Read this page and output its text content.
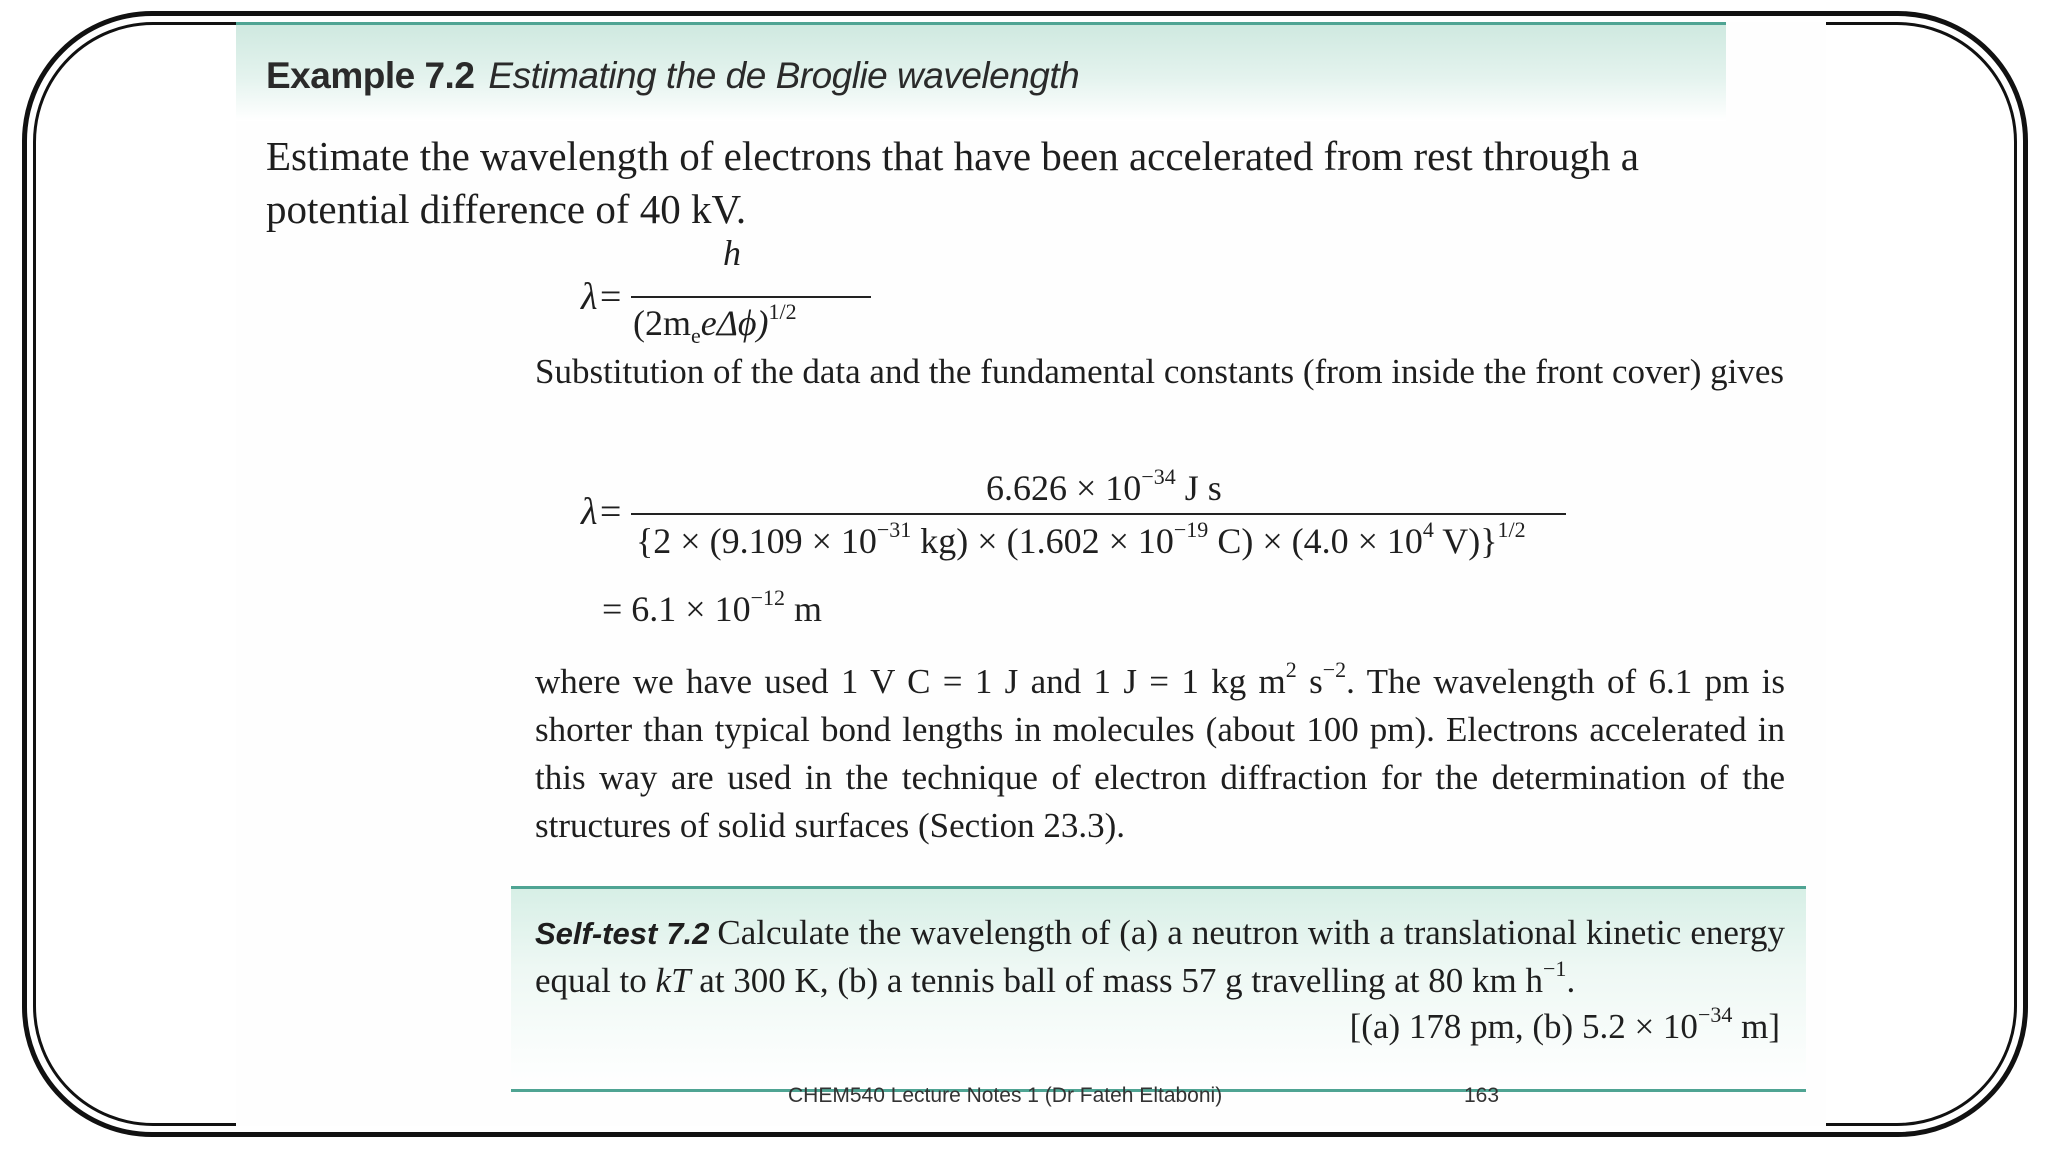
Example 7.2 Estimating the de Broglie wavelength
Estimate the wavelength of electrons that have been accelerated from rest through a potential difference of 40 kV.
λ=
h
$(2m_ee\Delta\phi)^{1/2}$
Substitution of the data and the fundamental constants (from inside the front cover) gives
λ=
$6.626 \times 10^{-34}$ J s
{$2 \times (9.109 \times 10^{-31}$ $kg) \times (1.602 \times 10^{-19}$ $C) \times (4.0 \times 10^4$ V)}$^{1/2}$
= $6.1 \times 10^{-12}$ m
where we have used 1 V C = 1 J and 1 J = 1 kg $m^2$ $s^{-2}$. The wavelength of 6.1 pm is shorter than typical bond lengths in molecules (about 100 pm). Electrons accelerated in this way are used in the technique of electron diffraction for the determination of the structures of solid surfaces (Section 23.3).
Self-test 7.2 Calculate the wavelength of (a) a neutron with a translational kinetic energy equal to kT at 300 K, (b) a tennis ball of mass 57 g travelling at 80 km $h^{-1}$.
[(a) 178 pm, (b) $5.2 \times 10^{-34}$ m]
CHEM540 Lecture Notes 1 (Dr Fateh Eltaboni)	163
